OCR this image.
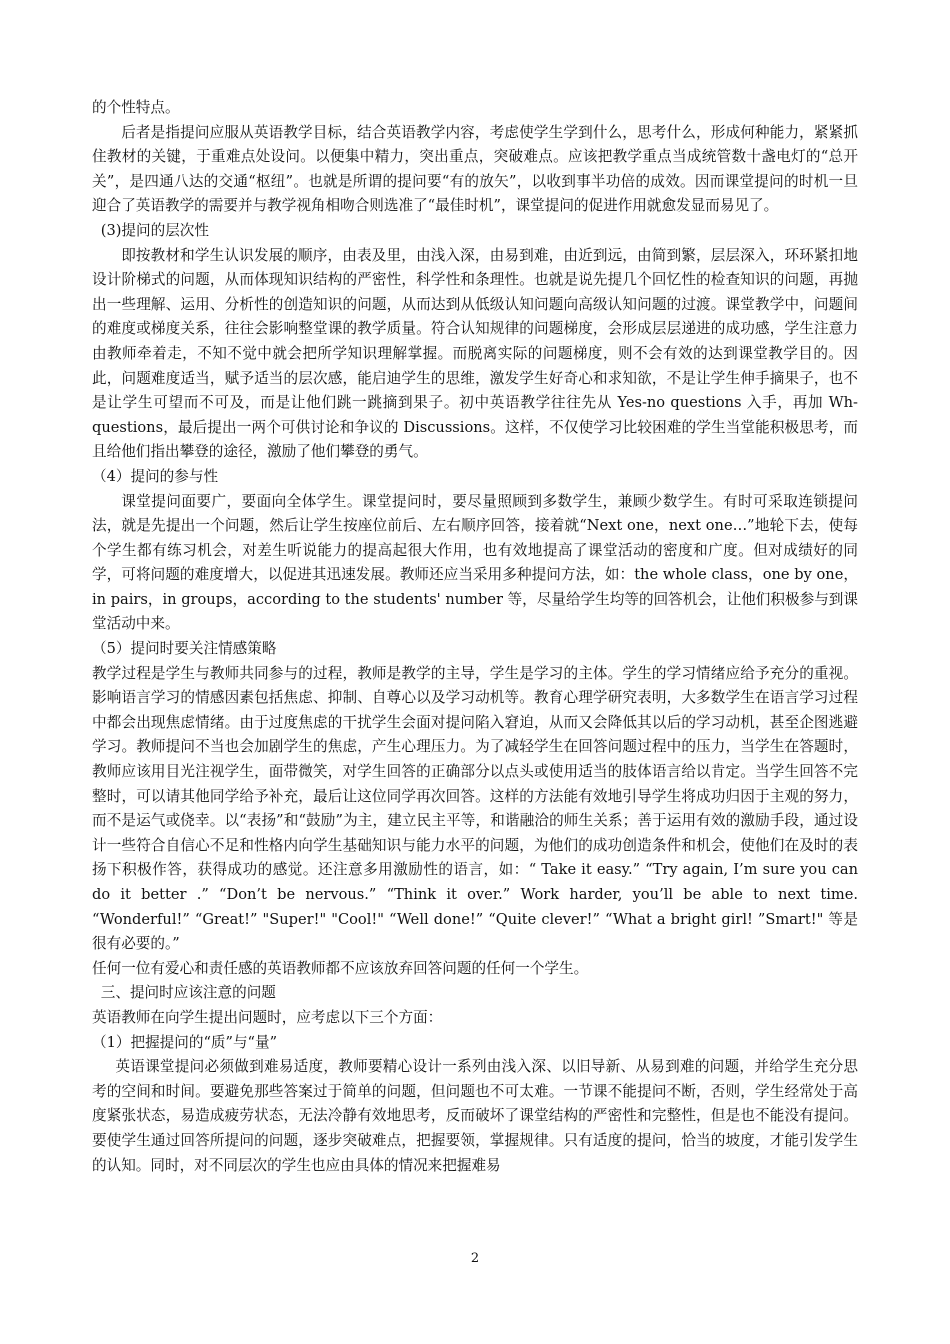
的个性特点。

后者是指提问应服从英语教学目标，结合英语教学内容，考虑使学生学到什么，思考什么，形成何种能力，紧紧抓住教材的关键，于重难点处设问。以便集中精力，突出重点，突破难点。应该把教学重点当成统管数十盏电灯的“总开关”，是四通八达的交通“枢纽”。也就是所谓的提问要“有的放矢”，以收到事半功倍的成效。因而课堂提问的时机一旦迎合了英语教学的需要并与教学视角相吻合则选准了“最佳时机”，课堂提问的促进作用就愈发显而易见了。

(3)提问的层次性

即按教材和学生认识发展的顺序，由表及里，由浅入深，由易到难，由近到远，由简到繁，层层深入，环环紧扣地设计阶梯式的问题，从而体现知识结构的严密性，科学性和条理性。也就是说先提几个回忆性的检查知识的问题，再抛出一些理解、运用、分析性的创造知识的问题，从而达到从低级认知问题向高级认知问题的过渡。课堂教学中，问题间的难度或梯度关系，往往会影响整堂课的教学质量。符合认知规律的问题梯度，会形成层层递进的成功感，学生注意力由教师牵着走，不知不觉中就会把所学知识理解掌握。而脱离实际的问题梯度，则不会有效的达到课堂教学目的。因此，问题难度适当，赋予适当的层次感，能启迪学生的思维，激发学生好奇心和求知欲，不是让学生伸手摘果子，也不是让学生可望而不可及，而是让他们跳一跳摘到果子。初中英语教学往往先从 Yes-no questions 入手，再加 Wh-questions，最后提出一两个可供讨论和争议的 Discussions。这样，不仅使学习比较困难的学生当堂能积极思考，而且给他们指出攀登的途径，激励了他们攀登的勇气。

（4）提问的参与性

课堂提问面要广，要面向全体学生。课堂提问时，要尽量照顾到多数学生，兼顾少数学生。有时可采取连锁提问法，就是先提出一个问题，然后让学生按座位前后、左右顺序回答，接着就“Next one，next one…”地轮下去，使每个学生都有练习机会，对差生听说能力的提高起很大作用，也有效地提高了课堂活动的密度和广度。但对成绩好的同学，可将问题的难度增大，以促进其迅速发展。教师还应当采用多种提问方法，如：the whole class，one by one，in pairs，in groups，according to the students' number 等，尽量给学生均等的回答机会，让他们积极参与到课堂活动中来。

（5）提问时要关注情感策略

教学过程是学生与教师共同参与的过程，教师是教学的主导，学生是学习的主体。学生的学习情绪应给予充分的重视。影响语言学习的情感因素包括焦虑、抑制、自尊心以及学习动机等。教育心理学研究表明，大多数学生在语言学习过程中都会出现焦虑情绪。由于过度焦虑的干扰学生会面对提问陷入窘迫，从而又会降低其以后的学习动机，甚至企图逃避学习。教师提问不当也会加剧学生的焦虑，产生心理压力。为了减轻学生在回答问题过程中的压力，当学生在答题时，教师应该用目光注视学生，面带微笑，对学生回答的正确部分以点头或使用适当的肢体语言给以肯定。当学生回答不完整时，可以请其他同学给予补充，最后让这位同学再次回答。这样的方法能有效地引导学生将成功归因于主观的努力，而不是运气或侥幸。以“表扬”和“鼓励”为主，建立民主平等，和谐融洽的师生关系；善于运用有效的激励手段，通过设计一些符合自信心不足和性格内向学生基础知识与能力水平的问题，为他们的成功创造条件和机会，使他们在及时的表扬下积极作答，获得成功的感觉。还注意多用激励性的语言，如：“ Take it easy.” “Try again, I’m sure you can do it better .” “Don’t be nervous.” “Think it over.” Work harder, you’ll be able to next time. “Wonderful!” “Great!” "Super!" "Cool!" “Well done!” “Quite clever!” “What a bright girl! ”Smart!" 等是很有必要的。”

任何一位有爱心和责任感的英语教师都不应该放弃回答问题的任何一个学生。

三、提问时应该注意的问题

英语教师在向学生提出问题时，应考虑以下三个方面：

（1）把握提问的“质”与“量”

英语课堂提问必须做到难易适度，教师要精心设计一系列由浅入深、以旧导新、从易到难的问题，并给学生充分思考的空间和时间。要避免那些答案过于简单的问题，但问题也不可太难。一节课不能提问不断，否则，学生经常处于高度紧张状态，易造成疲劳状态，无法冷静有效地思考，反而破坏了课堂结构的严密性和完整性，但是也不能没有提问。要使学生通过回答所提问的问题，逐步突破难点，把握要领，掌握规律。只有适度的提问，恰当的坡度，才能引发学生的认知。同时，对不同层次的学生也应由具体的情况来把握难易

2
